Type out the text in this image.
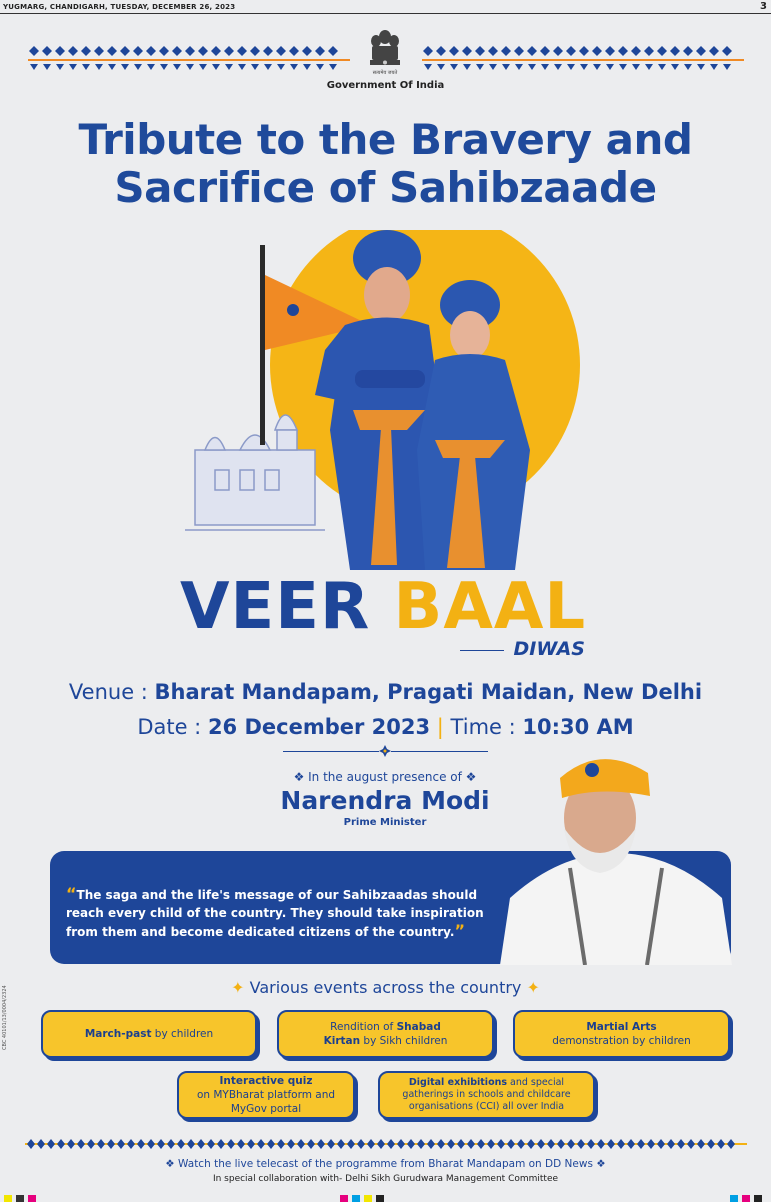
YUGMARG, CHANDIGARH, TUESDAY, DECEMBER 26, 2023	3
सत्यमेव जयते
Government Of India
Tribute to the Bravery and
Sacrifice of Sahibzaade
VEER BAAL
DIWAS
Venue : Bharat Mandapam, Pragati Maidan, New Delhi
Date : 26 December 2023 | Time : 10:30 AM
❖ In the august presence of ❖
Narendra Modi
Prime Minister
“The saga and the life's message of our Sahibzaadas should reach every child of the country. They should take inspiration from them and become dedicated citizens of the country.”
✦ Various events across the country ✦
March-past by children
Rendition of Shabad Kirtan by Sikh children
Martial Arts
demonstration by children
Interactive quiz
on MYBharat platform and MyGov portal
Digital exhibitions and special gatherings in schools and childcare organisations (CCI) all over India
❖ Watch the live telecast of the programme from Bharat Mandapam on DD News ❖
In special collaboration with- Delhi Sikh Gurudwara Management Committee
CBC 40101/13/0004/2324
